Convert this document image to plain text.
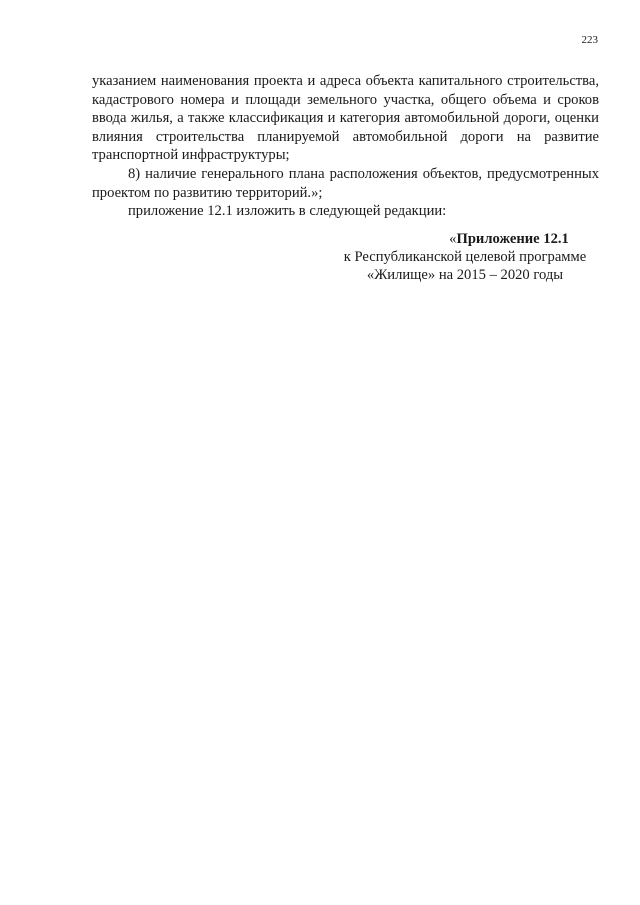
223

указанием наименования проекта и адреса объекта капитального строительства, кадастрового номера и площади земельного участка, общего объема и сроков ввода жилья, а также классификация и категория автомобильной дороги, оценки влияния строительства планируемой автомобильной дороги на развитие транспортной инфраструктуры;

8) наличие генерального плана расположения объектов, предусмотренных проектом по развитию территорий.»;

приложение 12.1 изложить в следующей редакции:

«Приложение 12.1
к Республиканской целевой программе
«Жилище» на 2015 – 2020 годы
